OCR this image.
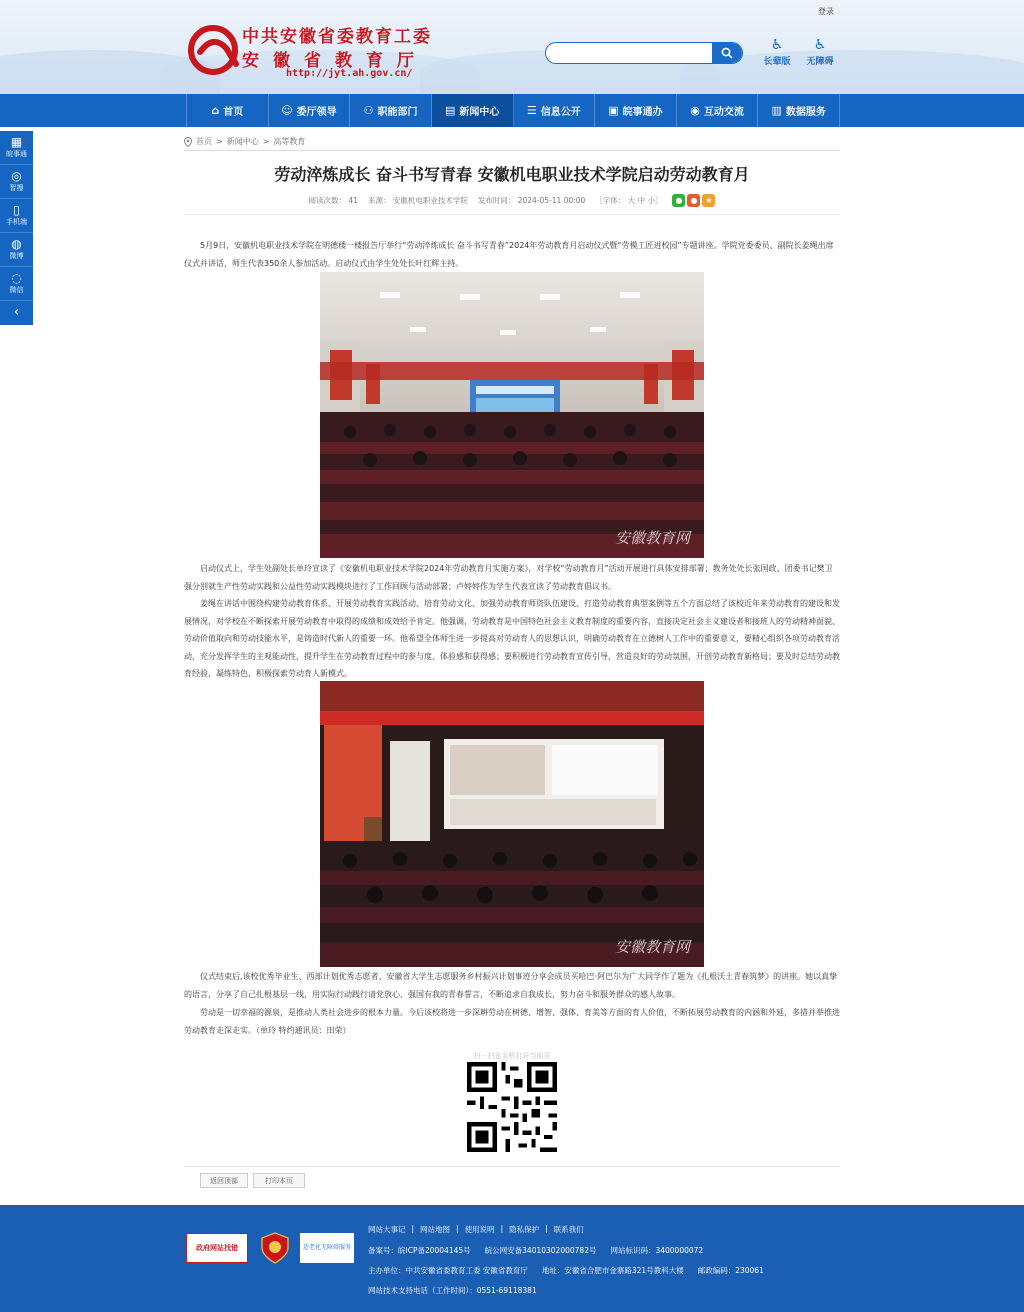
登录
中共安徽省委教育工委
安徽省教育厅
http://jyt.ah.gov.cn/
♿
长辈版
♿
无障碍
⌂ 首页	☺ 委厅领导 ⚇ 职能部门 ▤ 新闻中心 ☰ 信息公开 ▣ 皖事通办	◉ 互动交流	▥ 数据服务
▦
皖事通
◎
智搜
▯
手机端
◍
微博
◌
微信
‹
首页 > 新闻中心 > 高等教育
劳动淬炼成长 奋斗书写青春 安徽机电职业技术学院启动劳动教育月
阅读次数： 41 来源： 安徽机电职业技术学院 发布时间： 2024-05-11 00:00 ［字体： 大 中 小］	●	● ★

5月9日，安徽机电职业技术学院在明德楼一楼报告厅举行“劳动淬炼成长 奋斗书写青春”2024年劳动教育月启动仪式暨“劳模工匠进校园”专题讲座。学院党委委员、副院长姜绳出席仪式并讲话，师生代表350余人参加活动。启动仪式由学生处处长叶红辉主持。

安徽教育网

启动仪式上，学生处副处长单玲宣读了《安徽机电职业技术学院2024年劳动教育月实施方案》，对学校“劳动教育月”活动开展进行具体安排部署；教务处处长张国政、团委书记樊卫强分别就生产性劳动实践和公益性劳动实践模块进行了工作回顾与活动部署；卢婷婷作为学生代表宣读了劳动教育倡议书。

姜绳在讲话中围绕构建劳动教育体系、开展劳动教育实践活动、培育劳动文化、加强劳动教育师资队伍建设、打造劳动教育典型案例等五个方面总结了该校近年来劳动教育的建设和发展情况，对学校在不断探索开展劳动教育中取得的成绩和成效给予肯定。他强调，劳动教育是中国特色社会主义教育制度的重要内容，直接决定社会主义建设者和接班人的劳动精神面貌、劳动价值取向和劳动技能水平，是铸造时代新人的重要一环。他希望全体师生进一步提高对劳动育人的思想认识，明确劳动教育在立德树人工作中的重要意义，要精心组织各项劳动教育活动，充分发挥学生的主观能动性，提升学生在劳动教育过程中的参与度、体验感和获得感；要积极进行劳动教育宣传引导，营造良好的劳动氛围，开创劳动教育新格局；要及时总结劳动教育经验，凝练特色，积极探索劳动育人新模式。

安徽教育网

仪式结束后,该校优秀毕业生、西部计划优秀志愿者、安徽省大学生志愿服务乡村振兴计划事迹分享会成员买哈巴·阿巴尔为广大同学作了题为《扎根沃土青春筑梦》的讲座。她以真挚的语言，分享了自己扎根基层一线，用实际行动践行请党放心、强国有我的青春誓言，不断追求自我成长，努力奋斗和服务群众的感人故事。

劳动是一切幸福的源泉，是推动人类社会进步的根本力量。今后该校将进一步深耕劳动在树德、增智、强体、育美等方面的育人价值，不断拓展劳动教育的内涵和外延，多措并举推进劳动教育走深走实。（单玲 特约通讯员：田荣）

扫一扫在手机打开当前页
返回顶部	打印本页
政府网站找错	适老化无障碍服务
网站大事记 | 网站地图 | 使用说明 | 隐私保护 | 联系我们
备案号：皖ICP备20004145号 皖公网安备34010302000782号 网站标识码：3400000072
主办单位：中共安徽省委教育工委 安徽省教育厅 地址：安徽省合肥市金寨路321号教科大楼 邮政编码：230061
网站技术支持电话（工作时间）：0551-69118381
